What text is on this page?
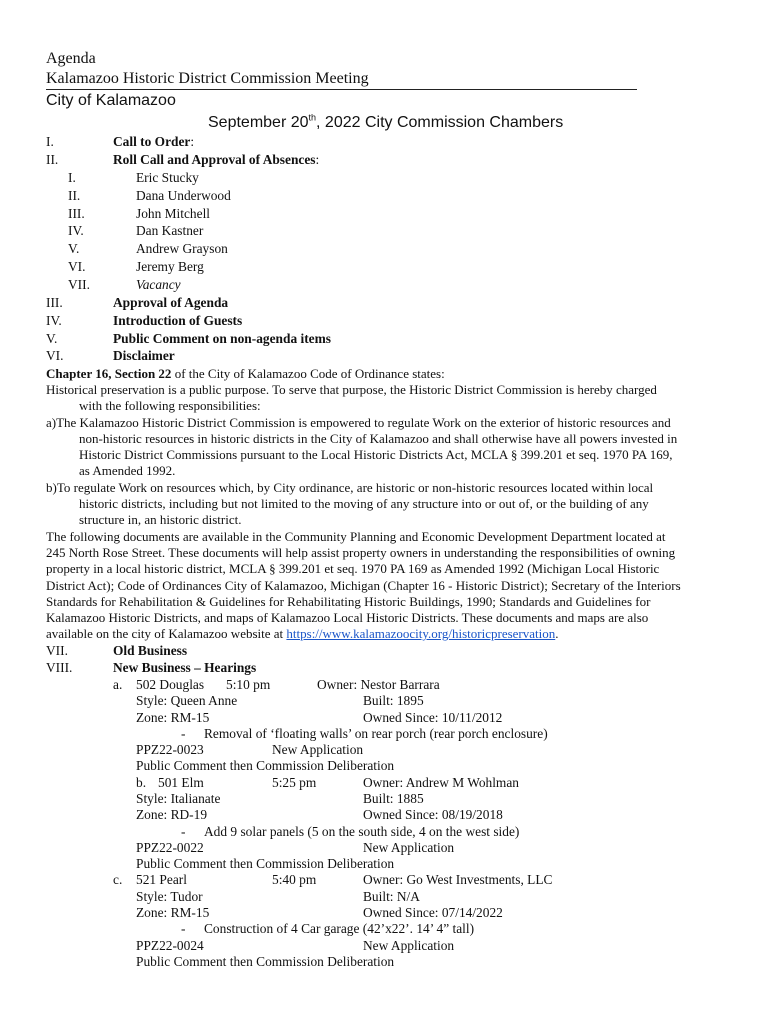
Agenda
Kalamazoo Historic District Commission Meeting
City of Kalamazoo
September 20th, 2022 City Commission Chambers
I.	Call to Order:
II.	Roll Call and Approval of Absences:
I.	Eric Stucky
II.	Dana Underwood
III.	John Mitchell
IV.	Dan Kastner
V.	Andrew Grayson
VI.	Jeremy Berg
VII.	Vacancy
III.	Approval of Agenda
IV.	Introduction of Guests
V.	Public Comment on non-agenda items
VI.	Disclaimer
Chapter 16, Section 22 of the City of Kalamazoo Code of Ordinance states:
Historical preservation is a public purpose. To serve that purpose, the Historic District Commission is hereby charged
with the following responsibilities:
a)The Kalamazoo Historic District Commission is empowered to regulate Work on the exterior of historic resources and
non-historic resources in historic districts in the City of Kalamazoo and shall otherwise have all powers invested in
Historic District Commissions pursuant to the Local Historic Districts Act, MCLA § 399.201 et seq. 1970 PA 169,
as Amended 1992.
b)To regulate Work on resources which, by City ordinance, are historic or non-historic resources located within local
historic districts, including but not limited to the moving of any structure into or out of, or the building of any
structure in, an historic district.
The following documents are available in the Community Planning and Economic Development Department located at
245 North Rose Street. These documents will help assist property owners in understanding the responsibilities of owning
property in a local historic district, MCLA § 399.201 et seq. 1970 PA 169 as Amended 1992 (Michigan Local Historic
District Act); Code of Ordinances City of Kalamazoo, Michigan (Chapter 16 - Historic District); Secretary of the Interiors
Standards for Rehabilitation & Guidelines for Rehabilitating Historic Buildings, 1990; Standards and Guidelines for
Kalamazoo Historic Districts, and maps of Kalamazoo Local Historic Districts. These documents and maps are also
available on the city of Kalamazoo website at https://www.kalamazoocity.org/historicpreservation.
VII.	Old Business
VIII.	New Business – Hearings
a. 502 Douglas 5:10 pm	Owner: Nestor Barrara
Style: Queen Anne	Built: 1895
Zone: RM-15	Owned Since: 10/11/2012
- Removal of ‘floating walls’ on rear porch (rear porch enclosure)
PPZ22-0023	New Application
Public Comment then Commission Deliberation
b. 501 Elm	5:25 pm	Owner: Andrew M Wohlman
Style: Italianate	Built: 1885
Zone: RD-19	Owned Since: 08/19/2018
- Add 9 solar panels (5 on the south side, 4 on the west side)
PPZ22-0022	New Application
Public Comment then Commission Deliberation
c. 521 Pearl	5:40 pm	Owner: Go West Investments, LLC
Style: Tudor	Built: N/A
Zone: RM-15	Owned Since: 07/14/2022
- Construction of 4 Car garage (42’x22’. 14’ 4” tall)
PPZ22-0024	New Application
Public Comment then Commission Deliberation
